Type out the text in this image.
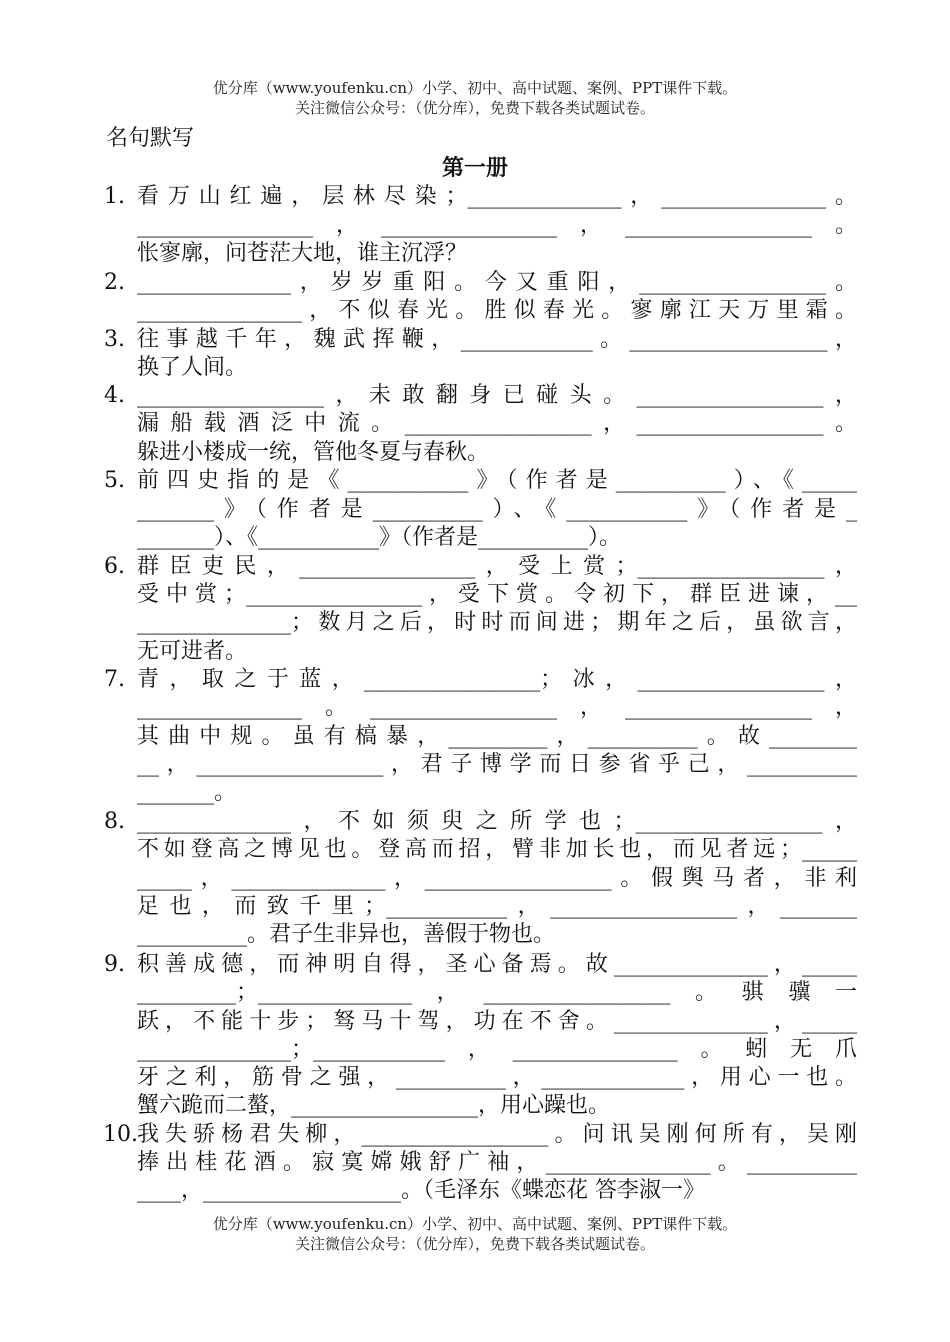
优分库（www.youfenku.cn）小学、初中、高中试题、案例、PPT课件下载。
关注微信公众号：（优分库），免费下载各类试题试卷。
名句默写
第一册
1.
2.
3.
4.
5.
6.
7.
8.
9.
10.
看万山红遍，层林尽染；______________，_______________。
________________，________________，_________________。
怅寥廓，问苍茫大地，谁主沉浮？
______________，岁岁重阳。今又重阳，_________________。
_______________，不似春光。胜似春光。寥廓江天万里霜。
往事越千年，魏武挥鞭，____________。__________________，
换了人间。
_________________，未敢翻身已碰头。_________________，
漏船载酒泛中流。_________________，_________________。
躲进小楼成一统，管他冬夏与春秋。
前四史指的是《___________》（作者是__________）、《_____
_______》（作者是__________）、《___________》（作者是_
_______）、《___________》（作者是__________）。
群臣吏民，________________，受上赏；_________________，
受中赏；________________，受下赏。令初下，群臣进谏，__
______________；数月之后，时时而间进；期年之后，虽欲言，
无可进者。
青，取之于蓝，________________；冰，_________________，
_______________。_________________，_________________，
其曲中规。虽有槁暴，_________，__________。故________
__，_________________，君子博学而日参省乎己，__________
_______。
______________，不如须臾之所学也；_________________，
不如登高之博见也。登高而招，臂非加长也，而见者远；_____
_____，______________，_________________。假舆马者，非利
足也，而致千里；___________，_________________，_______
__________。君子生非异也，善假于物也。
积善成德，而神明自得，圣心备焉。故______________，_____
_________；______________，_________________。骐骥一
跃，不能十步；驽马十驾，功在不舍。______________，_____
______________；____________，_______________。蚓无爪
牙之利，筋骨之强，__________，_____________，用心一也。
蟹六跪而二螯，_________________，用心躁也。
我失骄杨君失柳，_________________。问讯吴刚何所有，吴刚
捧出桂花酒。寂寞嫦娥舒广袖，_______________。__________
____，__________________。（毛泽东《蝶恋花 答李淑一》
优分库（www.youfenku.cn）小学、初中、高中试题、案例、PPT课件下载。
关注微信公众号：（优分库），免费下载各类试题试卷。
